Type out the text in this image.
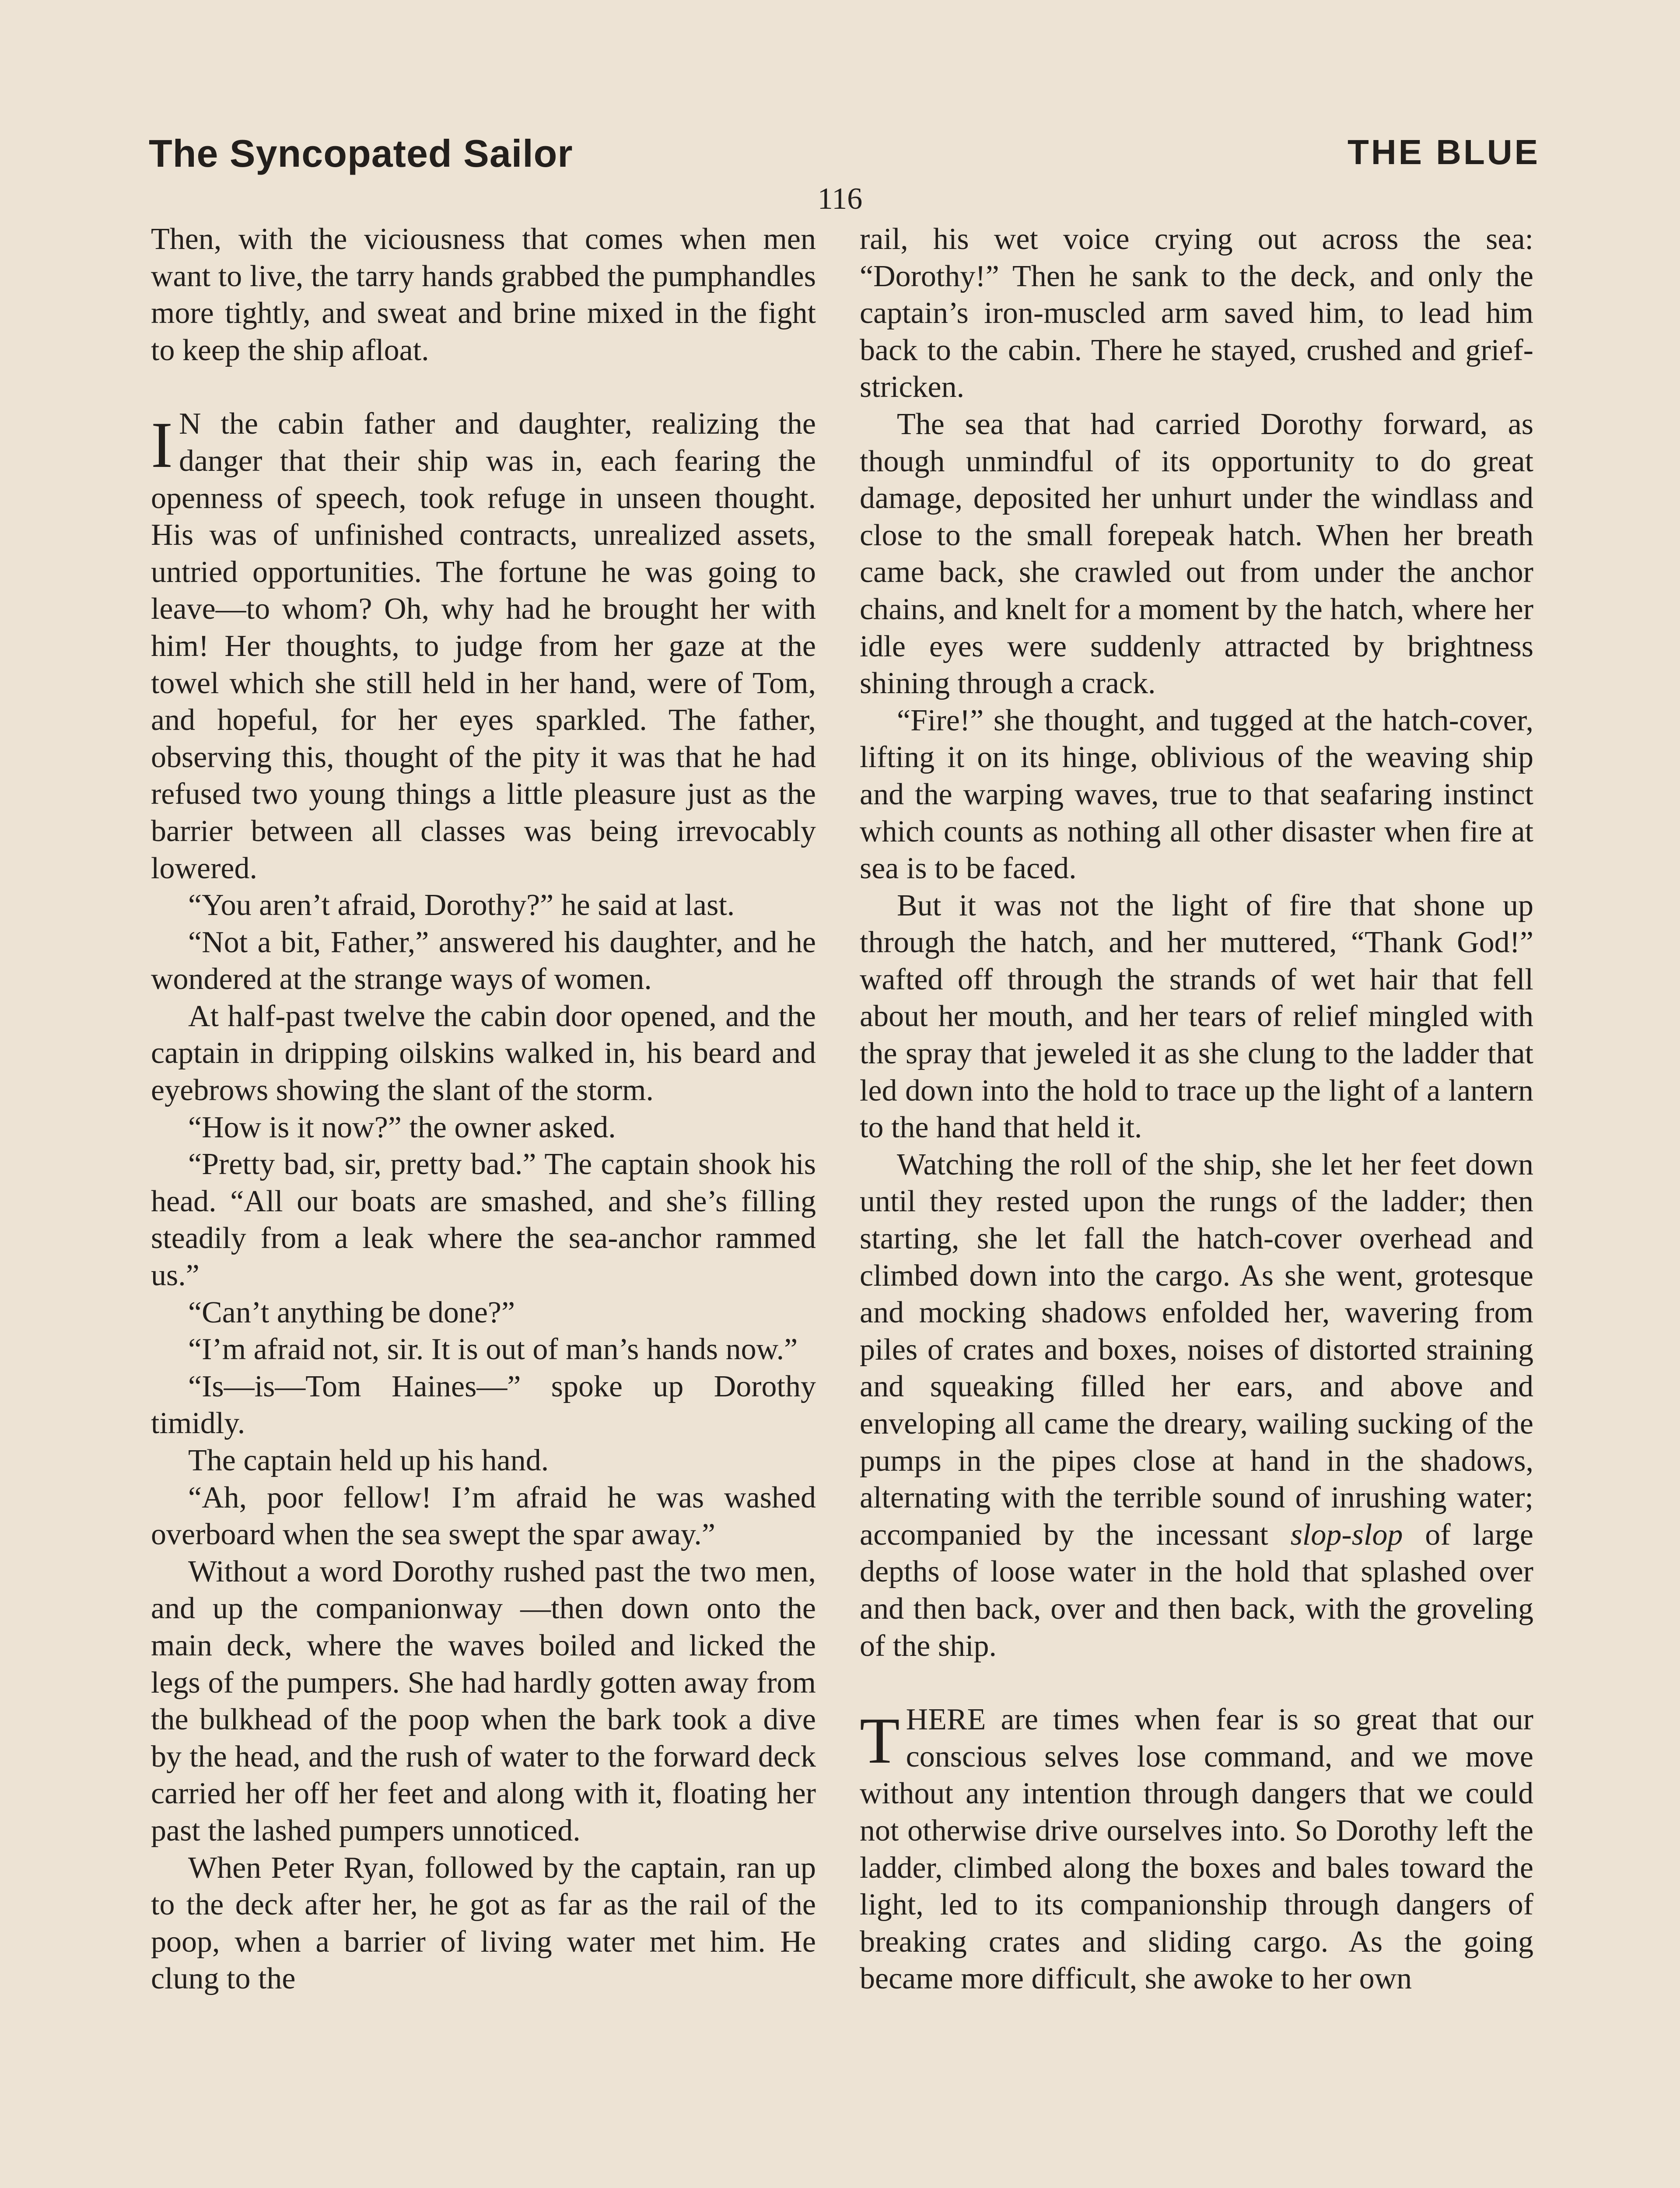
The Syncopated Sailor	THE BLUE
116

Then, with the viciousness that comes when men want to live, the tarry hands grabbed the pumphandles more tightly, and sweat and brine mixed in the fight to keep the ship afloat.

I N the cabin father and daughter, realizing the danger that their ship was in, each fearing the openness of speech, took refuge in unseen thought. His was of unfinished contracts, unrealized assets, untried opportunities. The fortune he was going to leave—to whom? Oh, why had he brought her with him! Her thoughts, to judge from her gaze at the towel which she still held in her hand, were of Tom, and hopeful, for her eyes sparkled. The father, observing this, thought of the pity it was that he had refused two young things a little pleasure just as the barrier between all classes was being irrevocably lowered.

“You aren’t afraid, Dorothy?” he said at last.

“Not a bit, Father,” answered his daughter, and he wondered at the strange ways of women.

At half-past twelve the cabin door opened, and the captain in dripping oilskins walked in, his beard and eyebrows showing the slant of the storm.

“How is it now?” the owner asked.

“Pretty bad, sir, pretty bad.” The captain shook his head. “All our boats are smashed, and she’s filling steadily from a leak where the sea-anchor rammed us.”

“Can’t anything be done?”

“I’m afraid not, sir. It is out of man’s hands now.”

“Is—is—Tom Haines—” spoke up Dorothy timidly.

The captain held up his hand.

“Ah, poor fellow! I’m afraid he was washed overboard when the sea swept the spar away.”

Without a word Dorothy rushed past the two men, and up the companionway —then down onto the main deck, where the waves boiled and licked the legs of the pumpers. She had hardly gotten away from the bulkhead of the poop when the bark took a dive by the head, and the rush of water to the forward deck carried her off her feet and along with it, floating her past the lashed pumpers unnoticed.

When Peter Ryan, followed by the captain, ran up to the deck after her, he got as far as the rail of the poop, when a barrier of living water met him. He clung to the

rail, his wet voice crying out across the sea: “Dorothy!” Then he sank to the deck, and only the captain’s iron-muscled arm saved him, to lead him back to the cabin. There he stayed, crushed and grief-stricken.

The sea that had carried Dorothy forward, as though unmindful of its opportunity to do great damage, deposited her unhurt under the windlass and close to the small forepeak hatch. When her breath came back, she crawled out from under the anchor chains, and knelt for a moment by the hatch, where her idle eyes were suddenly attracted by brightness shining through a crack.

“Fire!” she thought, and tugged at the hatch-cover, lifting it on its hinge, oblivious of the weaving ship and the warping waves, true to that seafaring instinct which counts as nothing all other disaster when fire at sea is to be faced.

But it was not the light of fire that shone up through the hatch, and her muttered, “Thank God!” wafted off through the strands of wet hair that fell about her mouth, and her tears of relief mingled with the spray that jeweled it as she clung to the ladder that led down into the hold to trace up the light of a lantern to the hand that held it.

Watching the roll of the ship, she let her feet down until they rested upon the rungs of the ladder; then starting, she let fall the hatch-cover overhead and climbed down into the cargo. As she went, grotesque and mocking shadows enfolded her, wavering from piles of crates and boxes, noises of distorted straining and squeaking filled her ears, and above and enveloping all came the dreary, wailing sucking of the pumps in the pipes close at hand in the shadows, alternating with the terrible sound of inrushing water; accompanied by the incessant slop-slop of large depths of loose water in the hold that splashed over and then back, over and then back, with the groveling of the ship.

THERE are times when fear is so great that our conscious selves lose command, and we move without any intention through dangers that we could not otherwise drive ourselves into. So Dorothy left the ladder, climbed along the boxes and bales toward the light, led to its companionship through dangers of breaking crates and sliding cargo. As the going became more difficult, she awoke to her own
